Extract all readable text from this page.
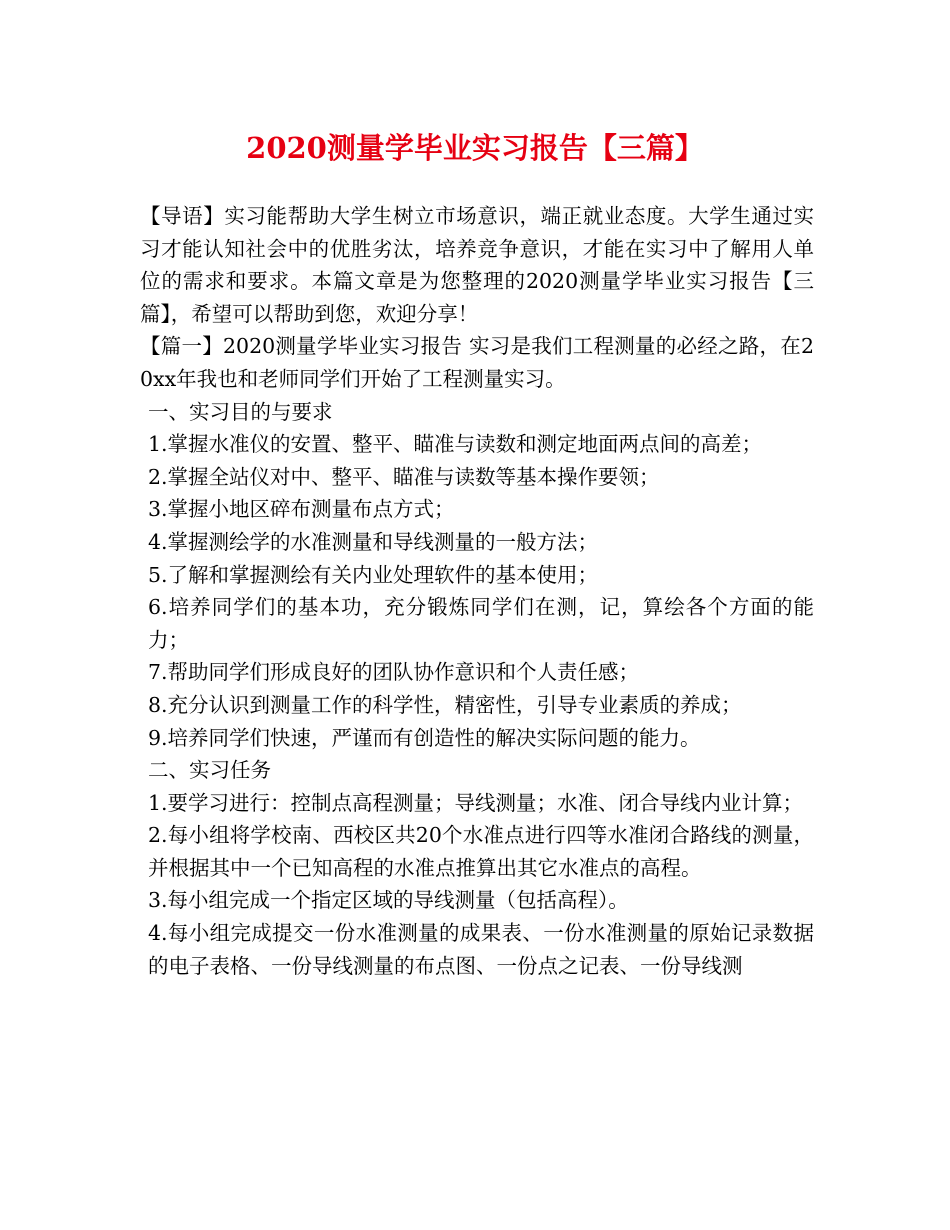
2020测量学毕业实习报告【三篇】

【导语】实习能帮助大学生树立市场意识，端正就业态度。大学生通过实习才能认知社会中的优胜劣汰，培养竞争意识，才能在实习中了解用人单位的需求和要求。本篇文章是为您整理的2020测量学毕业实习报告【三篇】，希望可以帮助到您，欢迎分享！

【篇一】2020测量学毕业实习报告 实习是我们工程测量的必经之路，在20xx年我也和老师同学们开始了工程测量实习。

一、实习目的与要求

1.掌握水准仪的安置、整平、瞄准与读数和测定地面两点间的高差；

2.掌握全站仪对中、整平、瞄准与读数等基本操作要领；

3.掌握小地区碎布测量布点方式；

4.掌握测绘学的水准测量和导线测量的一般方法；

5.了解和掌握测绘有关内业处理软件的基本使用；

6.培养同学们的基本功，充分锻炼同学们在测，记，算绘各个方面的能力；

7.帮助同学们形成良好的团队协作意识和个人责任感；

8.充分认识到测量工作的科学性，精密性，引导专业素质的养成；

9.培养同学们快速，严谨而有创造性的解决实际问题的能力。

二、实习任务

1.要学习进行：控制点高程测量；导线测量；水准、闭合导线内业计算；

2.每小组将学校南、西校区共20个水准点进行四等水准闭合路线的测量，并根据其中一个已知高程的水准点推算出其它水准点的高程。

3.每小组完成一个指定区域的导线测量（包括高程）。

4.每小组完成提交一份水准测量的成果表、一份水准测量的原始记录数据的电子表格、一份导线测量的布点图、一份点之记表、一份导线测
